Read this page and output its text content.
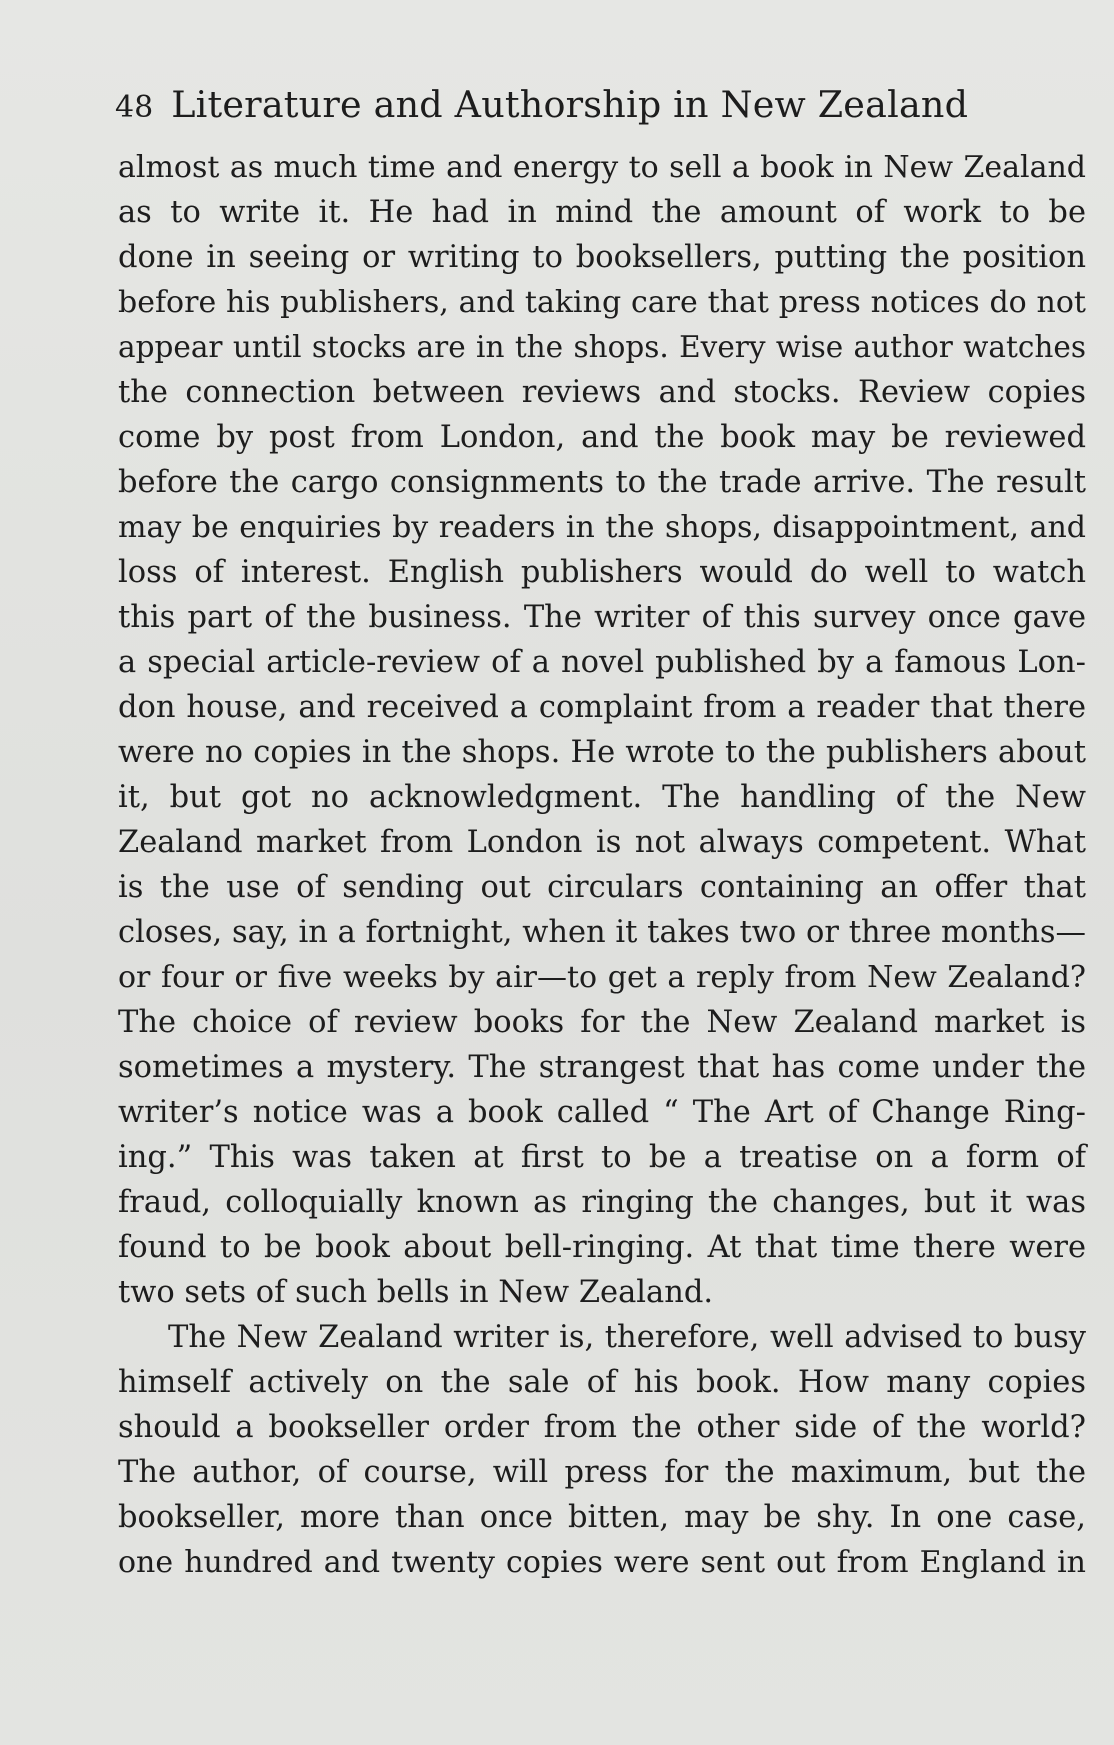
48 Literature and Authorship in New Zealand
almost as much time and energy to sell a book in New Zealand
as to write it. He had in mind the amount of work to be
done in seeing or writing to booksellers, putting the position
before his publishers, and taking care that press notices do not
appear until stocks are in the shops. Every wise author watches
the connection between reviews and stocks. Review copies
come by post from London, and the book may be reviewed
before the cargo consignments to the trade arrive. The result
may be enquiries by readers in the shops, disappointment, and
loss of interest. English publishers would do well to watch
this part of the business. The writer of this survey once gave
a special article-review of a novel published by a famous Lon-
don house, and received a complaint from a reader that there
were no copies in the shops. He wrote to the publishers about
it, but got no acknowledgment. The handling of the New
Zealand market from London is not always competent. What
is the use of sending out circulars containing an offer that
closes, say, in a fortnight, when it takes two or three months—
or four or five weeks by air—to get a reply from New Zealand?
The choice of review books for the New Zealand market is
sometimes a mystery. The strangest that has come under the
writer’s notice was a book called “ The Art of Change Ring-
ing.” This was taken at first to be a treatise on a form of
fraud, colloquially known as ringing the changes, but it was
found to be book about bell-ringing. At that time there were
two sets of such bells in New Zealand.
The New Zealand writer is, therefore, well advised to busy
himself actively on the sale of his book. How many copies
should a bookseller order from the other side of the world?
The author, of course, will press for the maximum, but the
bookseller, more than once bitten, may be shy. In one case,
one hundred and twenty copies were sent out from England in
